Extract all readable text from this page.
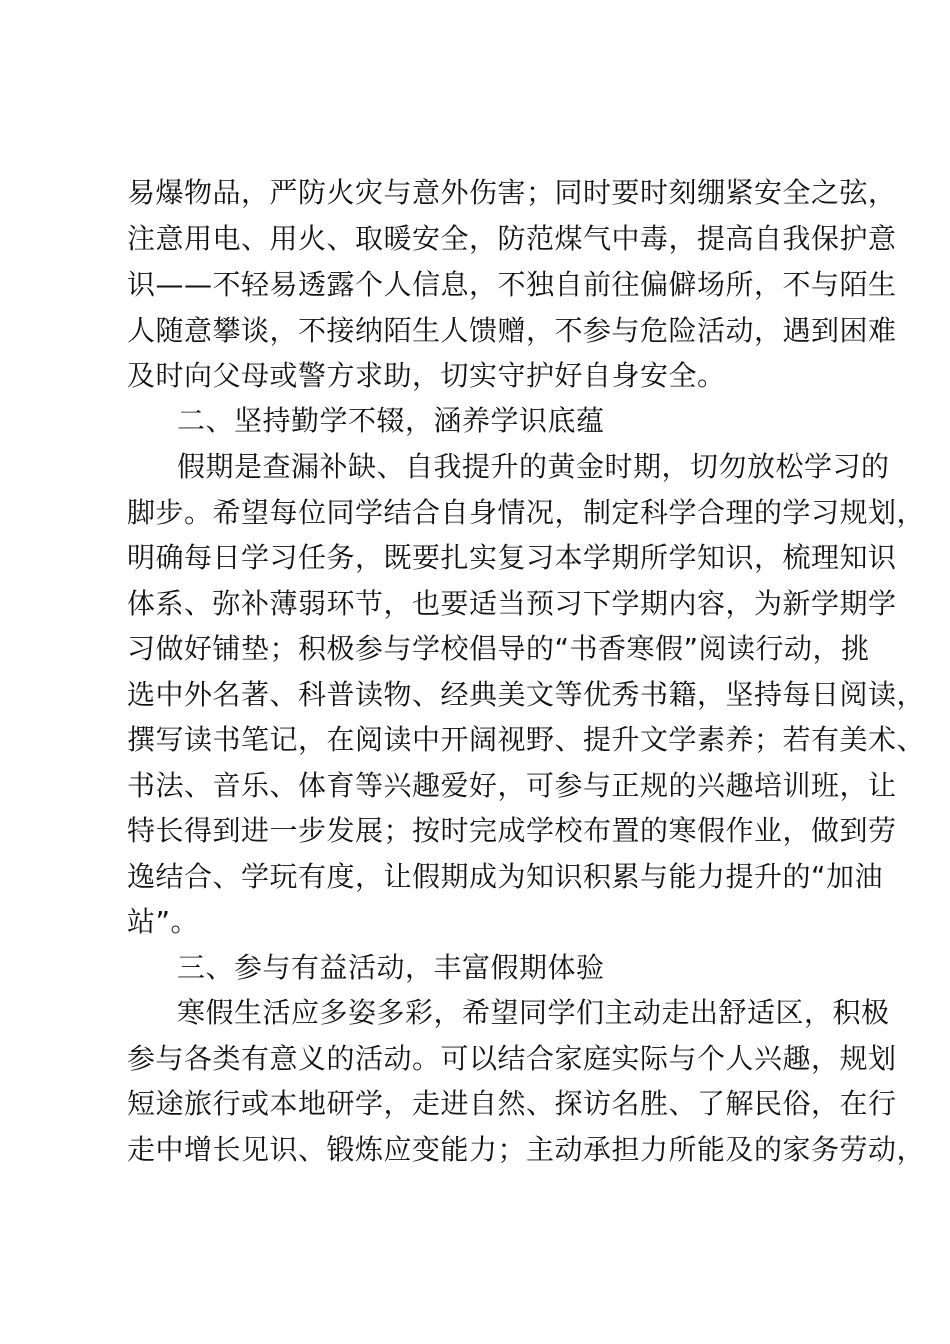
易爆物品，严防火灾与意外伤害；同时要时刻绷紧安全之弦，
注意用电、用火、取暖安全，防范煤气中毒，提高自我保护意
识——不轻易透露个人信息，不独自前往偏僻场所，不与陌生
人随意攀谈，不接纳陌生人馈赠，不参与危险活动，遇到困难
及时向父母或警方求助，切实守护好自身安全。
二、坚持勤学不辍，涵养学识底蕴
假期是查漏补缺、自我提升的黄金时期，切勿放松学习的
脚步。希望每位同学结合自身情况，制定科学合理的学习规划，
明确每日学习任务，既要扎实复习本学期所学知识，梳理知识
体系、弥补薄弱环节，也要适当预习下学期内容，为新学期学
习做好铺垫；积极参与学校倡导的“书香寒假”阅读行动，挑
选中外名著、科普读物、经典美文等优秀书籍，坚持每日阅读，
撰写读书笔记，在阅读中开阔视野、提升文学素养；若有美术、
书法、音乐、体育等兴趣爱好，可参与正规的兴趣培训班，让
特长得到进一步发展；按时完成学校布置的寒假作业，做到劳
逸结合、学玩有度，让假期成为知识积累与能力提升的“加油
站”。
三、参与有益活动，丰富假期体验
寒假生活应多姿多彩，希望同学们主动走出舒适区，积极
参与各类有意义的活动。可以结合家庭实际与个人兴趣，规划
短途旅行或本地研学，走进自然、探访名胜、了解民俗，在行
走中增长见识、锻炼应变能力；主动承担力所能及的家务劳动，
